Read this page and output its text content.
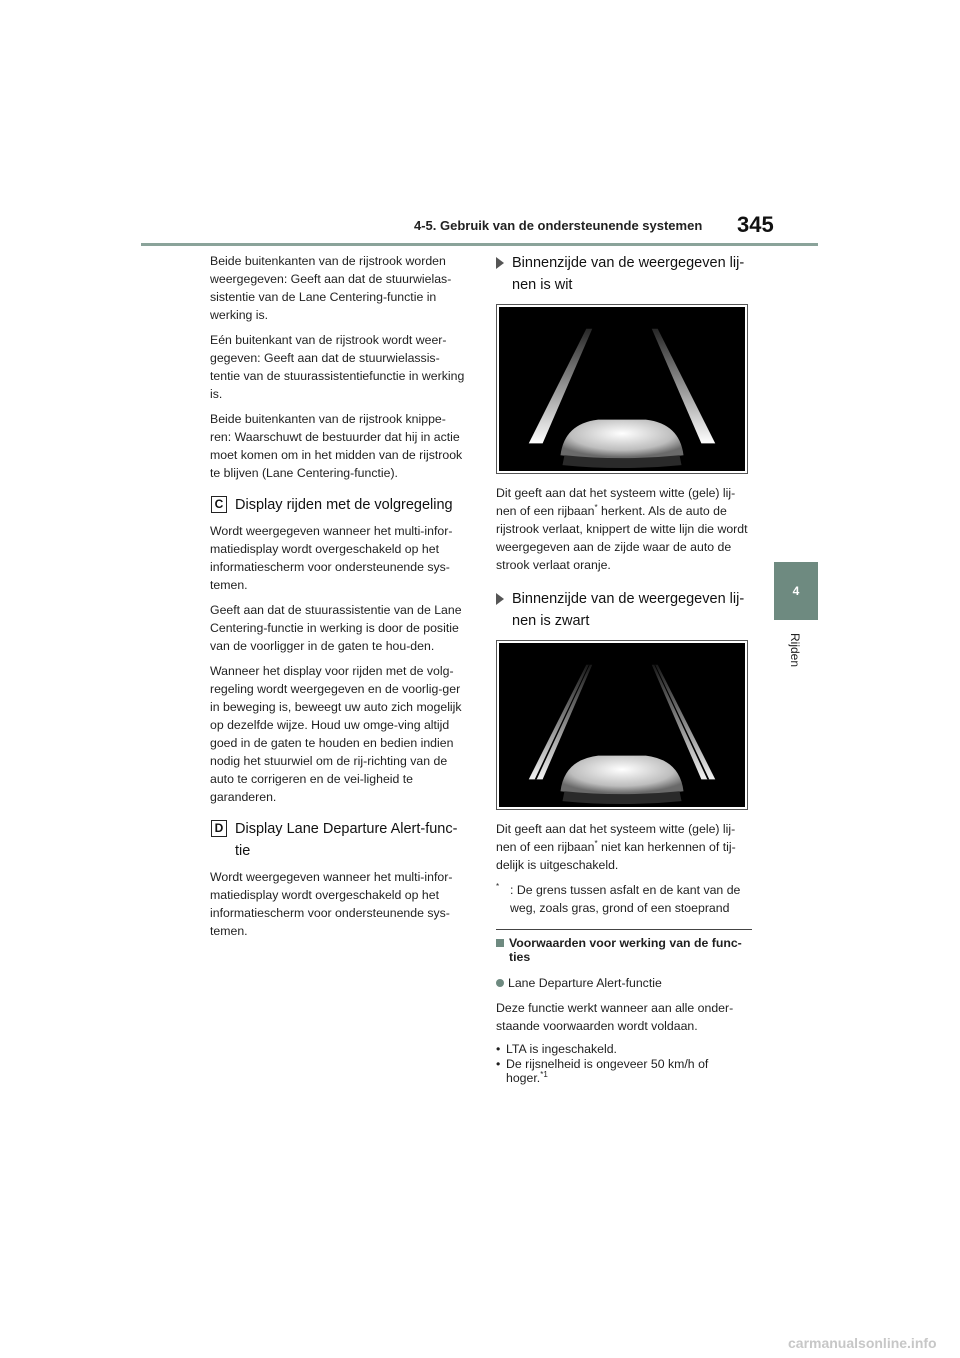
4-5. Gebruik van de ondersteunende systemen 345
4
Rijden

Beide buitenkanten van de rijstrook worden weergegeven: Geeft aan dat de stuurwielas-sistentie van de Lane Centering-functie in werking is.

Eén buitenkant van de rijstrook wordt weer-gegeven: Geeft aan dat de stuurwielassis-tentie van de stuurassistentiefunctie in werking is.

Beide buitenkanten van de rijstrook knippe-ren: Waarschuwt de bestuurder dat hij in actie moet komen om in het midden van de rijstrook te blijven (Lane Centering-functie).

C Display rijden met de volgregeling

Wordt weergegeven wanneer het multi-infor-matiedisplay wordt overgeschakeld op het informatiescherm voor ondersteunende sys-temen.

Geeft aan dat de stuurassistentie van de Lane Centering-functie in werking is door de positie van de voorligger in de gaten te hou-den.

Wanneer het display voor rijden met de volg-regeling wordt weergegeven en de voorlig-ger in beweging is, beweegt uw auto zich mogelijk op dezelfde wijze. Houd uw omge-ving altijd goed in de gaten te houden en bedien indien nodig het stuurwiel om de rij-richting van de auto te corrigeren en de vei-ligheid te garanderen.

D Display Lane Departure Alert-func-tie

Wordt weergegeven wanneer het multi-infor-matiedisplay wordt overgeschakeld op het informatiescherm voor ondersteunende sys-temen.

Binnenzijde van de weergegeven lij-nen is wit

Dit geeft aan dat het systeem witte (gele) lij-nen of een rijbaan* herkent. Als de auto de rijstrook verlaat, knippert de witte lijn die wordt weergegeven aan de zijde waar de auto de strook verlaat oranje.

Binnenzijde van de weergegeven lij-nen is zwart

Dit geeft aan dat het systeem witte (gele) lij-nen of een rijbaan* niet kan herkennen of tij-delijk is uitgeschakeld.

* : De grens tussen asfalt en de kant van de weg, zoals gras, grond of een stoeprand
Voorwaarden voor werking van de func-ties

Lane Departure Alert-functie

Deze functie werkt wanneer aan alle onder-staande voorwaarden wordt voldaan.

• LTA is ingeschakeld.
• De rijsnelheid is ongeveer 50 km/h of hoger.$^{*1}$
carmanualsonline.info
